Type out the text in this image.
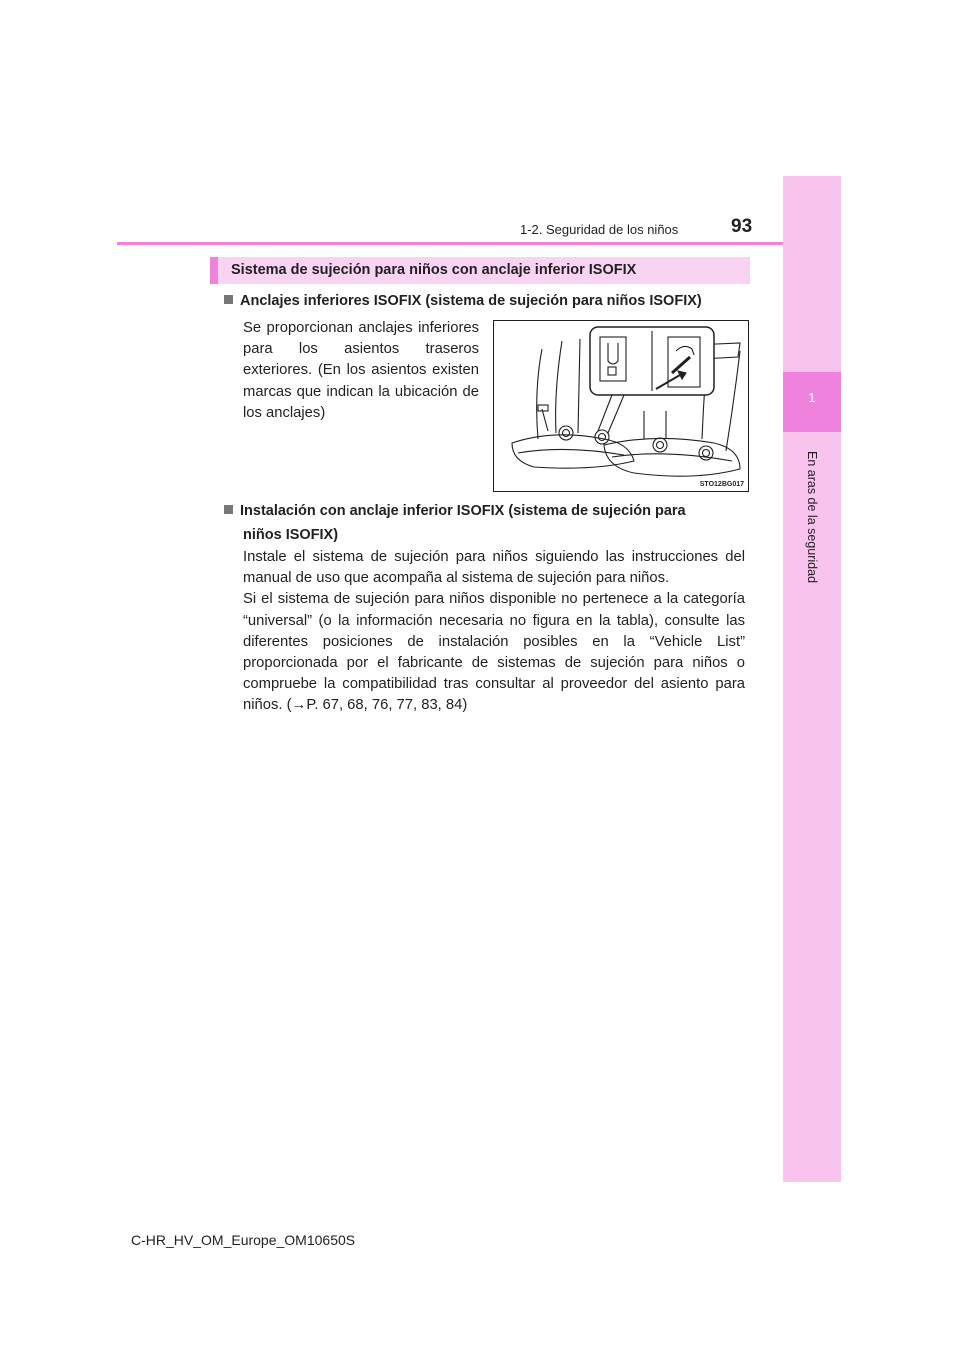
1
En aras de la seguridad
1-2. Seguridad de los niños	93
Sistema de sujeción para niños con anclaje inferior ISOFIX
Anclajes inferiores ISOFIX (sistema de sujeción para niños ISOFIX)
Se proporcionan anclajes inferiores para los asientos traseros exteriores. (En los asientos existen marcas que indican la ubicación de los anclajes)
STO12BG017
Instalación con anclaje inferior ISOFIX (sistema de sujeción para
niños ISOFIX)
Instale el sistema de sujeción para niños siguiendo las instrucciones del manual de uso que acompaña al sistema de sujeción para niños.
Si el sistema de sujeción para niños disponible no pertenece a la categoría “universal” (o la información necesaria no figura en la tabla), consulte las diferentes posiciones de instalación posibles en la “Vehicle List” proporcionada por el fabricante de sistemas de sujeción para niños o compruebe la compatibilidad tras consultar al proveedor del asiento para niños. (→P. 67, 68, 76, 77, 83, 84)
C-HR_HV_OM_Europe_OM10650S
